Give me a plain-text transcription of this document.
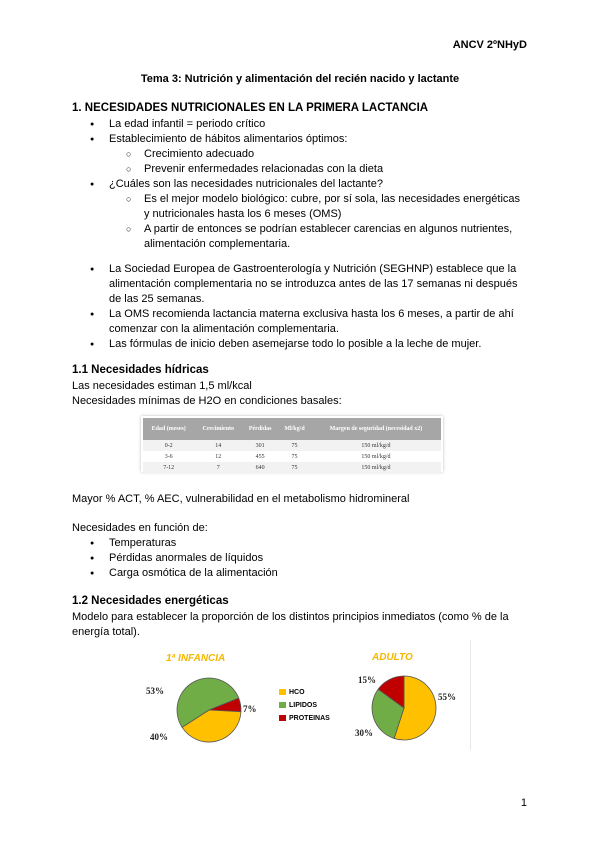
ANCV 2ºNHyD
Tema 3: Nutrición y alimentación del recién nacido y lactante
1. NECESIDADES NUTRICIONALES EN LA PRIMERA LACTANCIA
● La edad infantil = periodo crítico
● Establecimiento de hábitos alimentarios óptimos:
○ Crecimiento adecuado
○ Prevenir enfermedades relacionadas con la dieta
● ¿Cuáles son las necesidades nutricionales del lactante?
○ Es el mejor modelo biológico: cubre, por sí sola, las necesidades energéticas
y nutricionales hasta los 6 meses (OMS)
○ A partir de entonces se podrían establecer carencias en algunos nutrientes,
alimentación complementaria.
● La Sociedad Europea de Gastroenterología y Nutrición (SEGHNP) establece que la
alimentación complementaria no se introduzca antes de las 17 semanas ni después
de las 25 semanas.
● La OMS recomienda lactancia materna exclusiva hasta los 6 meses, a partir de ahí
comenzar con la alimentación complementaria.
● Las fórmulas de inicio deben asemejarse todo lo posible a la leche de mujer.
1.1 Necesidades hídricas
Las necesidades estiman 1,5 ml/kcal
Necesidades mínimas de H2O en condiciones basales:
Edad (meses)	Crecimiento	Pérdidas	Ml/kg/d	Margen de seguridad (necesidad x2)
0-2	14	301	75	150 ml/kg/d
3-6	12	455	75	150 ml/kg/d
7-12	7	640	75	150 ml/kg/d
Mayor % ACT, % AEC, vulnerabilidad en el metabolismo hidromineral
Necesidades en función de:
● Temperaturas
● Pérdidas anormales de líquidos
● Carga osmótica de la alimentación
1.2 Necesidades energéticas
Modelo para establecer la proporción de los distintos principios inmediatos (como % de la
energía total).
1ª INFANCIA	ADULTO
53%
7%
40%
HCO
LIPIDOS
PROTEINAS
15%
55%
30%
1
